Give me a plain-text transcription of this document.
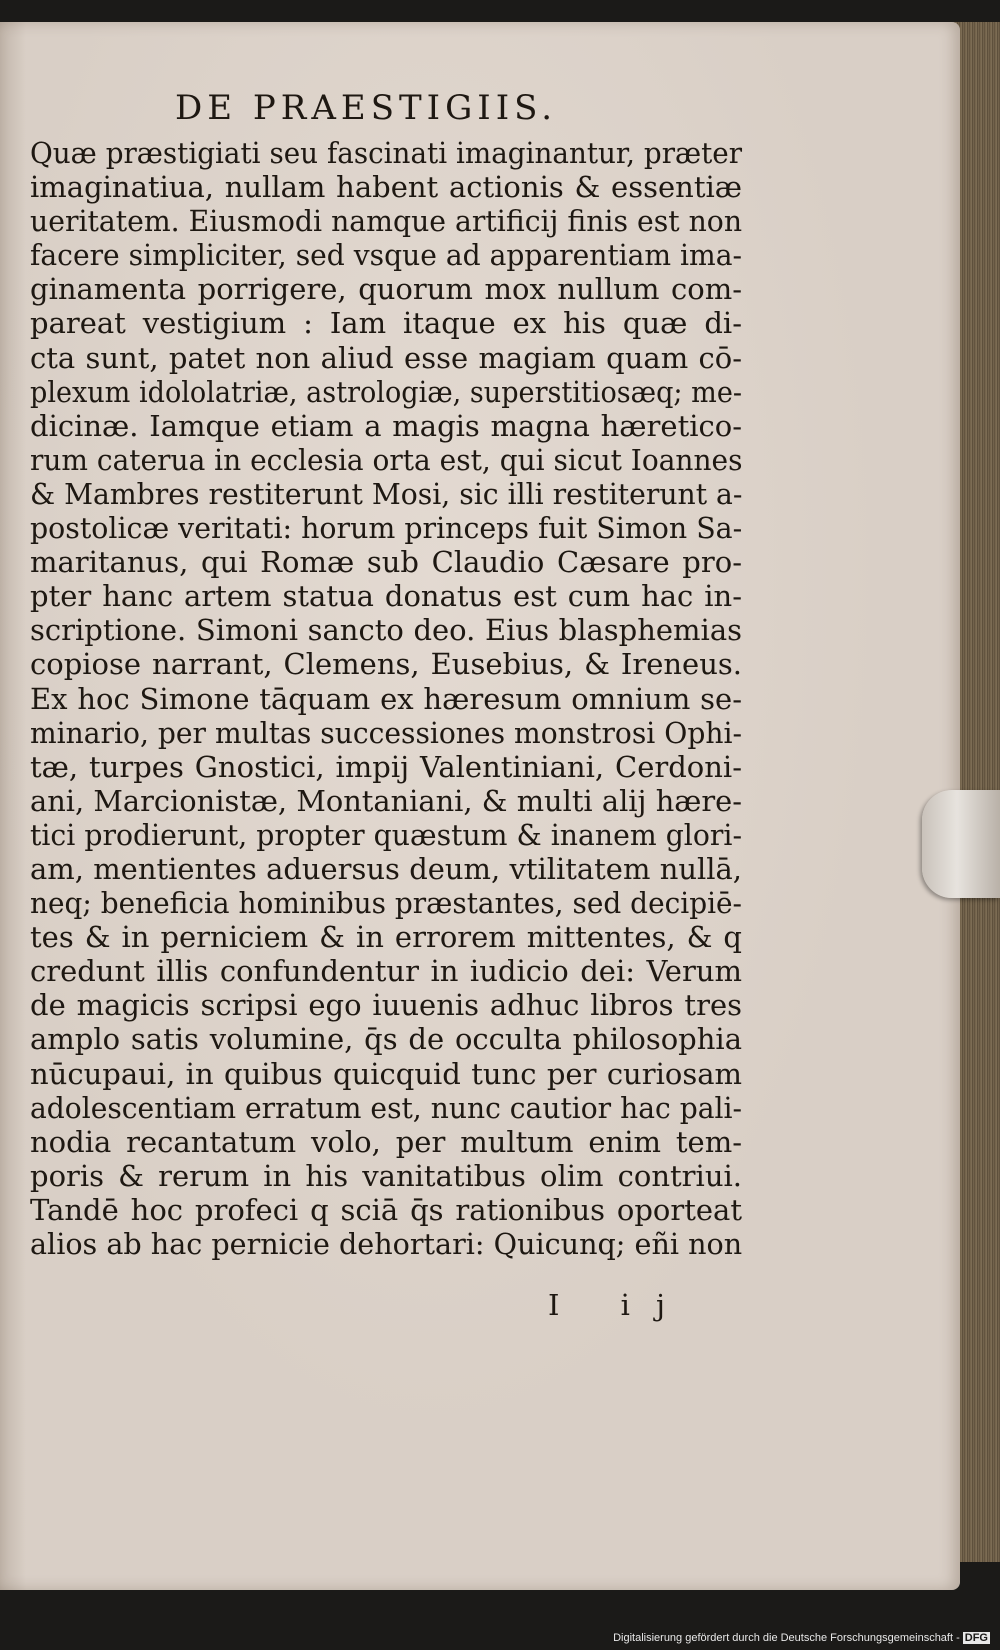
DE PRAESTIGIIS.
Quæ præstigiati seu fascinati imaginantur, præter
imaginatiua, nullam habent actionis & essentiæ
ueritatem. Eiusmodi namque artificij finis est non
facere simpliciter, sed vsque ad apparentiam ima-
ginamenta porrigere, quorum mox nullum com-
pareat vestigium : Iam itaque ex his quæ di-
cta sunt, patet non aliud esse magiam quam cō-
plexum idololatriæ, astrologiæ, superstitiosæq; me-
dicinæ. Iamque etiam a magis magna hæretico-
rum caterua in ecclesia orta est, qui sicut Ioannes
& Mambres restiterunt Mosi, sic illi restiterunt a-
postolicæ veritati: horum princeps fuit Simon Sa-
maritanus, qui Romæ sub Claudio Cæsare pro-
pter hanc artem statua donatus est cum hac in-
scriptione. Simoni sancto deo. Eius blasphemias
copiose narrant, Clemens, Eusebius, & Ireneus.
Ex hoc Simone tāquam ex hæresum omnium se-
minario, per multas successiones monstrosi Ophi-
tæ, turpes Gnostici, impij Valentiniani, Cerdoni-
ani, Marcionistæ, Montaniani, & multi alij hære-
tici prodierunt, propter quæstum & inanem glori-
am, mentientes aduersus deum, vtilitatem nullā,
neq; beneficia hominibus præstantes, sed decipiē-
tes & in perniciem & in errorem mittentes, & q
credunt illis confundentur in iudicio dei: Verum
de magicis scripsi ego iuuenis adhuc libros tres
amplo satis volumine, q̄s de occulta philosophia
nūcupaui, in quibus quicquid tunc per curiosam
adolescentiam erratum est, nunc cautior hac pali-
nodia recantatum volo, per multum enim tem-
poris & rerum in his vanitatibus olim contriui.
Tandē hoc profeci q sciā q̄s rationibus oporteat
alios ab hac pernicie dehortari: Quicunq; eñi non
I ij
Digitalisierung gefördert durch die Deutsche Forschungsgemeinschaft - DFG
